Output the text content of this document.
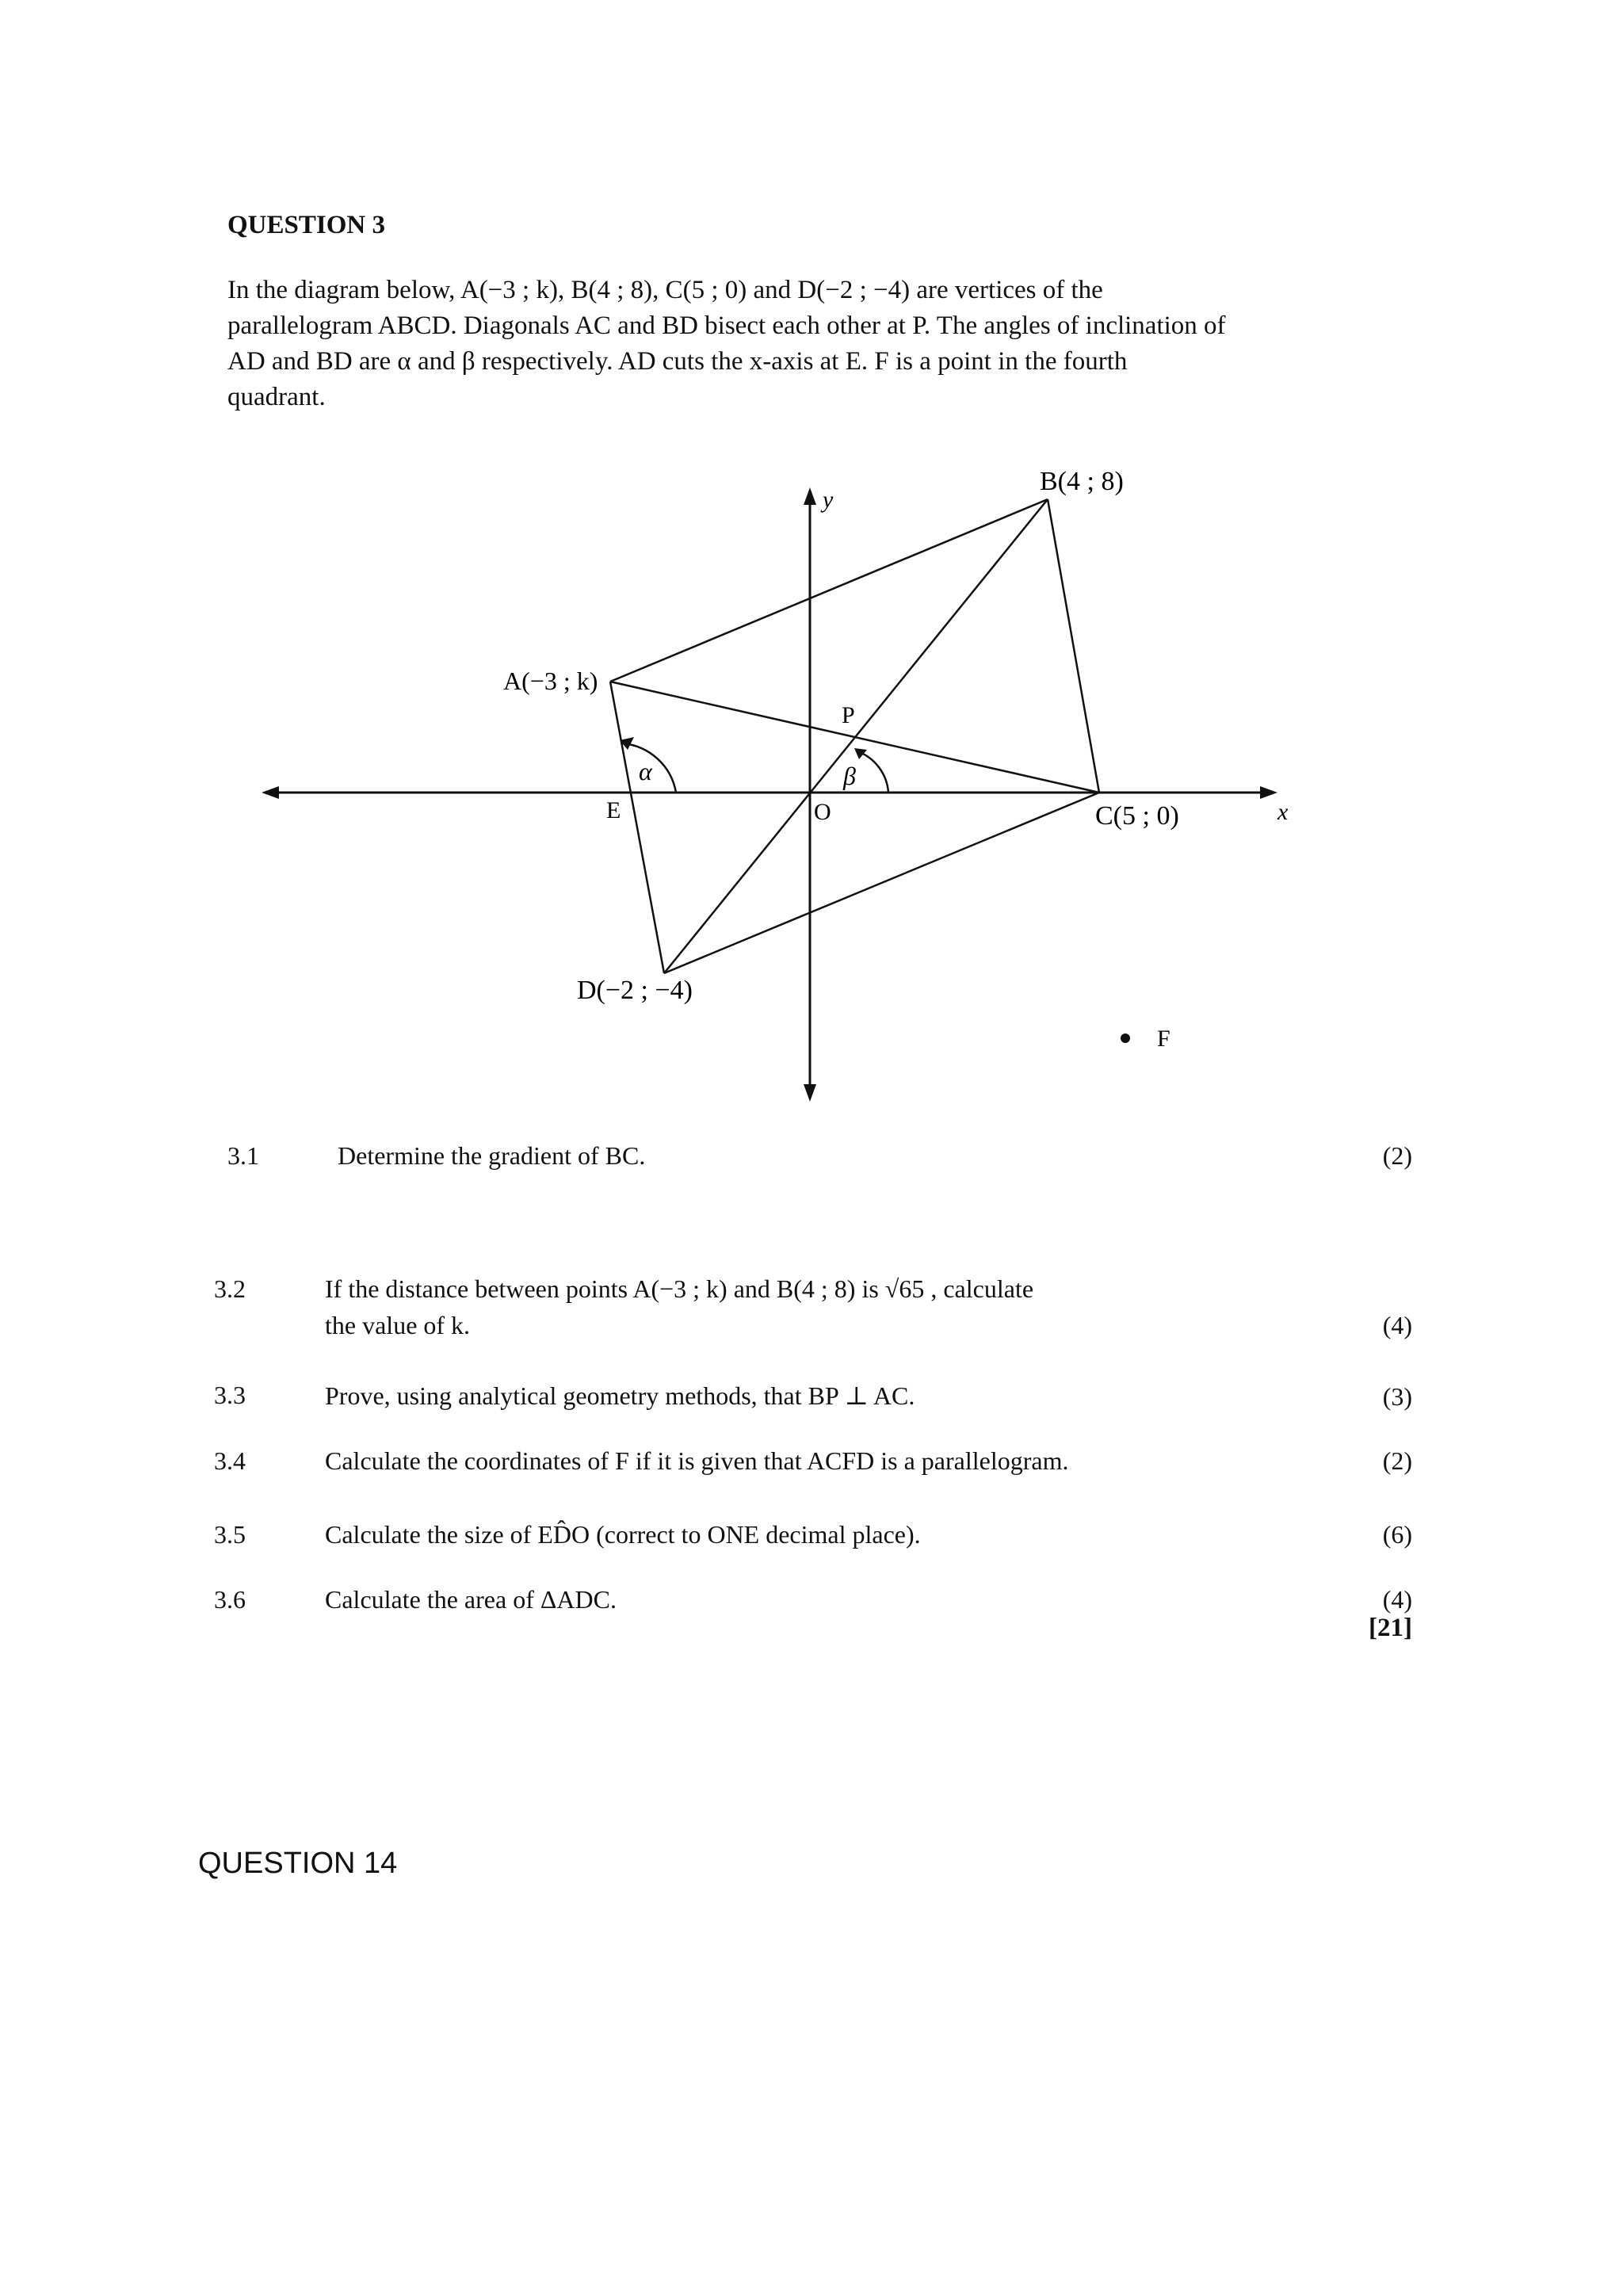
QUESTION 3

In the diagram below, A(−3 ; k), B(4 ; 8), C(5 ; 0) and D(−2 ; −4) are vertices of the

parallelogram ABCD. Diagonals AC and BD bisect each other at P. The angles of inclination of

AD and BD are α and β respectively. AD cuts the x-axis at E. F is a point in the fourth

quadrant.

A(−3 ; k)
B(4 ; 8)
C(5 ; 0)
D(−2 ; −4)
P
E	O
F
x
y
α	β
3.1	Determine the gradient of BC.	(2)
3.2	If the distance between points A(−3 ; k) and B(4 ; 8) is √65 , calculate
the value of k.	(4)
3.3	Prove, using analytical geometry methods, that BP ⊥ AC.	(3)
3.4	Calculate the coordinates of F if it is given that ACFD is a parallelogram.	(2)
3.5	Calculate the size of ED̂O (correct to ONE decimal place).	(6)
3.6	Calculate the area of ΔADC.	(4)
[21]
QUESTION 14
